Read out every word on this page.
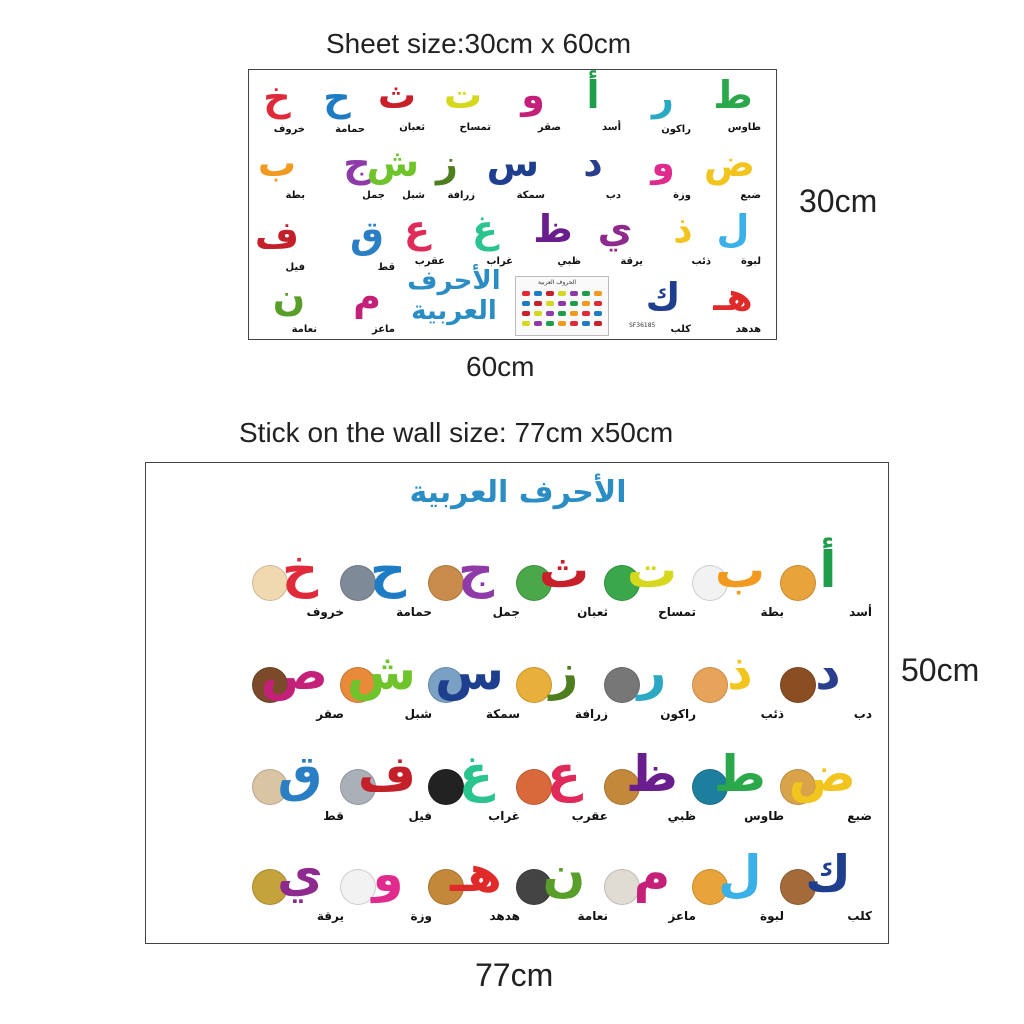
Sheet size:30cm x 60cm
خ
خروف
ح
حمامة
ث
ثعبان
ت
تمساح
و
صقر
أ
أسد
ر
راكون
ط
طاوس
ب
بطة
ج
جمل
ش
شبل
ز
زرافة
س
سمكة
د
دب
و
وزة
ض
ضبع
ف
فيل
ق
قط
ع
عقرب
غ
غراب
ظ
ظبي
ي
يرقة
ذ
ذئب
ل
لبوة
ن
نعامة
م
ماعز
ك
كلب
هـ
هدهد
الأحرف
العربية
الحروف العربية
SF36185
30cm
60cm
Stick on the wall size: 77cm x50cm
الأحرف العربية
أ
أسد
ب
بطة
ت
تمساح
ث
ثعبان
ج
جمل
ح
حمامة
خ
خروف
د
دب
ذ
ذئب
ر
راكون
ز
زرافة
س
سمكة
ش
شبل
ص
صقر
ض
ضبع
ط
طاوس
ظ
ظبي
ع
عقرب
غ
غراب
ف
فيل
ق
قط
ك
كلب
ل
لبوة
م
ماعز
ن
نعامة
هـ
هدهد
و
وزة
ي
يرقة
50cm
77cm
